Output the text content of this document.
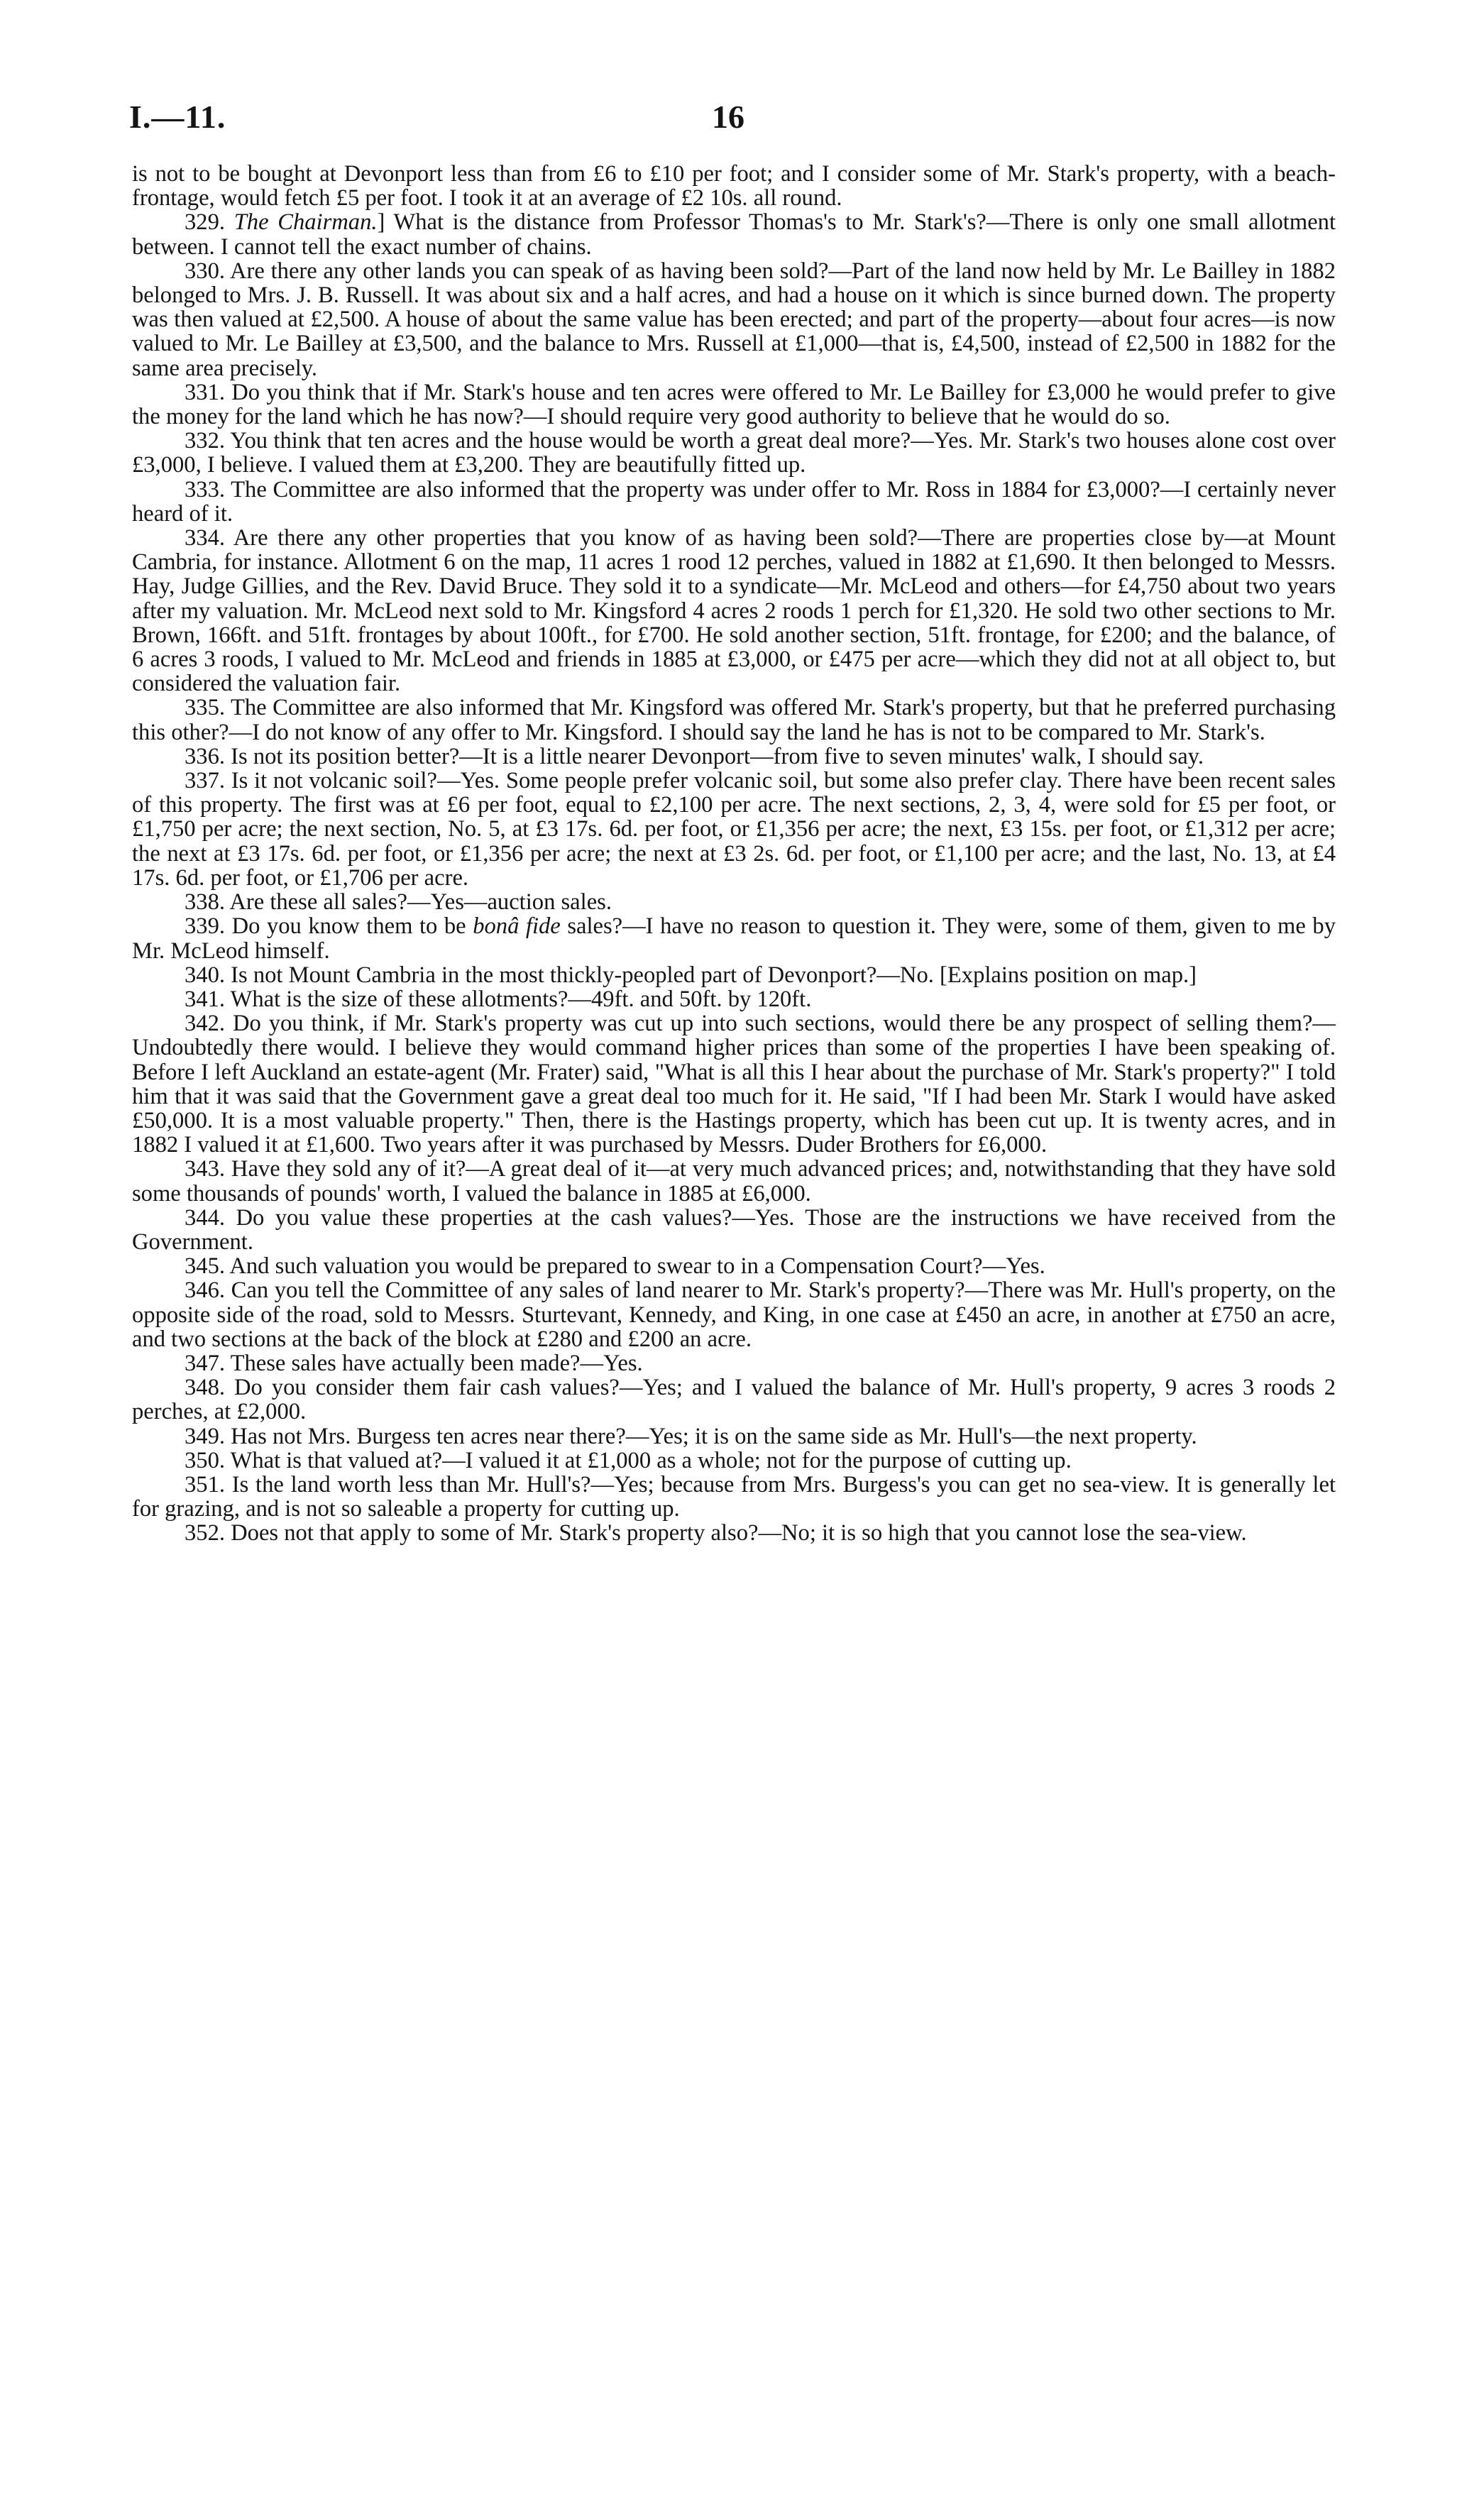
I.—11.	16

is not to be bought at Devonport less than from £6 to £10 per foot; and I consider some of Mr. Stark's property, with a beach-frontage, would fetch £5 per foot. I took it at an average of £2 10s. all round.

329. The Chairman.] What is the distance from Professor Thomas's to Mr. Stark's?—There is only one small allotment between. I cannot tell the exact number of chains.

330. Are there any other lands you can speak of as having been sold?—Part of the land now held by Mr. Le Bailley in 1882 belonged to Mrs. J. B. Russell. It was about six and a half acres, and had a house on it which is since burned down. The property was then valued at £2,500. A house of about the same value has been erected; and part of the property—about four acres—is now valued to Mr. Le Bailley at £3,500, and the balance to Mrs. Russell at £1,000—that is, £4,500, instead of £2,500 in 1882 for the same area precisely.

331. Do you think that if Mr. Stark's house and ten acres were offered to Mr. Le Bailley for £3,000 he would prefer to give the money for the land which he has now?—I should require very good authority to believe that he would do so.

332. You think that ten acres and the house would be worth a great deal more?—Yes. Mr. Stark's two houses alone cost over £3,000, I believe. I valued them at £3,200. They are beautifully fitted up.

333. The Committee are also informed that the property was under offer to Mr. Ross in 1884 for £3,000?—I certainly never heard of it.

334. Are there any other properties that you know of as having been sold?—There are properties close by—at Mount Cambria, for instance. Allotment 6 on the map, 11 acres 1 rood 12 perches, valued in 1882 at £1,690. It then belonged to Messrs. Hay, Judge Gillies, and the Rev. David Bruce. They sold it to a syndicate—Mr. McLeod and others—for £4,750 about two years after my valuation. Mr. McLeod next sold to Mr. Kingsford 4 acres 2 roods 1 perch for £1,320. He sold two other sections to Mr. Brown, 166ft. and 51ft. frontages by about 100ft., for £700. He sold another section, 51ft. frontage, for £200; and the balance, of 6 acres 3 roods, I valued to Mr. McLeod and friends in 1885 at £3,000, or £475 per acre—which they did not at all object to, but considered the valuation fair.

335. The Committee are also informed that Mr. Kingsford was offered Mr. Stark's property, but that he preferred purchasing this other?—I do not know of any offer to Mr. Kingsford. I should say the land he has is not to be compared to Mr. Stark's.

336. Is not its position better?—It is a little nearer Devonport—from five to seven minutes' walk, I should say.

337. Is it not volcanic soil?—Yes. Some people prefer volcanic soil, but some also prefer clay. There have been recent sales of this property. The first was at £6 per foot, equal to £2,100 per acre. The next sections, 2, 3, 4, were sold for £5 per foot, or £1,750 per acre; the next section, No. 5, at £3 17s. 6d. per foot, or £1,356 per acre; the next, £3 15s. per foot, or £1,312 per acre; the next at £3 17s. 6d. per foot, or £1,356 per acre; the next at £3 2s. 6d. per foot, or £1,100 per acre; and the last, No. 13, at £4 17s. 6d. per foot, or £1,706 per acre.

338. Are these all sales?—Yes—auction sales.

339. Do you know them to be bonâ fide sales?—I have no reason to question it. They were, some of them, given to me by Mr. McLeod himself.

340. Is not Mount Cambria in the most thickly-peopled part of Devonport?—No. [Explains position on map.]

341. What is the size of these allotments?—49ft. and 50ft. by 120ft.

342. Do you think, if Mr. Stark's property was cut up into such sections, would there be any prospect of selling them?—Undoubtedly there would. I believe they would command higher prices than some of the properties I have been speaking of. Before I left Auckland an estate-agent (Mr. Frater) said, "What is all this I hear about the purchase of Mr. Stark's property?" I told him that it was said that the Government gave a great deal too much for it. He said, "If I had been Mr. Stark I would have asked £50,000. It is a most valuable property." Then, there is the Hastings property, which has been cut up. It is twenty acres, and in 1882 I valued it at £1,600. Two years after it was purchased by Messrs. Duder Brothers for £6,000.

343. Have they sold any of it?—A great deal of it—at very much advanced prices; and, notwithstanding that they have sold some thousands of pounds' worth, I valued the balance in 1885 at £6,000.

344. Do you value these properties at the cash values?—Yes. Those are the instructions we have received from the Government.

345. And such valuation you would be prepared to swear to in a Compensation Court?—Yes.

346. Can you tell the Committee of any sales of land nearer to Mr. Stark's property?—There was Mr. Hull's property, on the opposite side of the road, sold to Messrs. Sturtevant, Kennedy, and King, in one case at £450 an acre, in another at £750 an acre, and two sections at the back of the block at £280 and £200 an acre.

347. These sales have actually been made?—Yes.

348. Do you consider them fair cash values?—Yes; and I valued the balance of Mr. Hull's property, 9 acres 3 roods 2 perches, at £2,000.

349. Has not Mrs. Burgess ten acres near there?—Yes; it is on the same side as Mr. Hull's—the next property.

350. What is that valued at?—I valued it at £1,000 as a whole; not for the purpose of cutting up.

351. Is the land worth less than Mr. Hull's?—Yes; because from Mrs. Burgess's you can get no sea-view. It is generally let for grazing, and is not so saleable a property for cutting up.

352. Does not that apply to some of Mr. Stark's property also?—No; it is so high that you cannot lose the sea-view.
